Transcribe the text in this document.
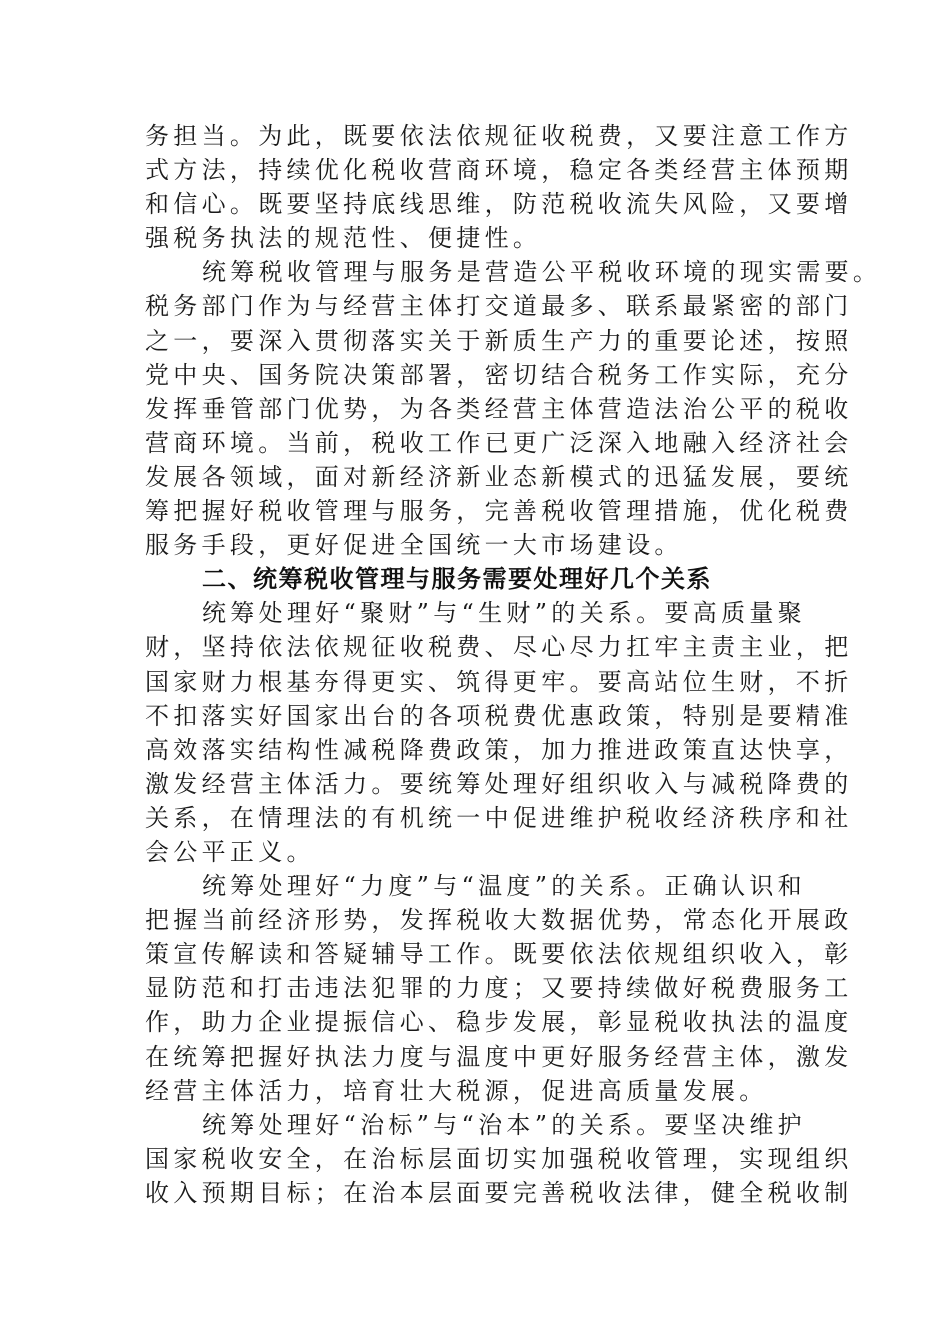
务担当。为此，既要依法依规征收税费，又要注意工作方
式方法，持续优化税收营商环境，稳定各类经营主体预期
和信心。既要坚持底线思维，防范税收流失风险，又要增
强税务执法的规范性、便捷性。
统筹税收管理与服务是营造公平税收环境的现实需要。
税务部门作为与经营主体打交道最多、联系最紧密的部门
之一，要深入贯彻落实关于新质生产力的重要论述，按照
党中央、国务院决策部署，密切结合税务工作实际，充分
发挥垂管部门优势，为各类经营主体营造法治公平的税收
营商环境。当前，税收工作已更广泛深入地融入经济社会
发展各领域，面对新经济新业态新模式的迅猛发展，要统
筹把握好税收管理与服务，完善税收管理措施，优化税费
服务手段，更好促进全国统一大市场建设。
二、统筹税收管理与服务需要处理好几个关系
统筹处理好“聚财”与“生财”的关系。要高质量聚
财，坚持依法依规征收税费、尽心尽力扛牢主责主业，把
国家财力根基夯得更实、筑得更牢。要高站位生财，不折
不扣落实好国家出台的各项税费优惠政策，特别是要精准
高效落实结构性减税降费政策，加力推进政策直达快享，
激发经营主体活力。要统筹处理好组织收入与减税降费的
关系，在情理法的有机统一中促进维护税收经济秩序和社
会公平正义。
统筹处理好“力度”与“温度”的关系。正确认识和
把握当前经济形势，发挥税收大数据优势，常态化开展政
策宣传解读和答疑辅导工作。既要依法依规组织收入，彰
显防范和打击违法犯罪的力度；又要持续做好税费服务工
作，助力企业提振信心、稳步发展，彰显税收执法的温度
在统筹把握好执法力度与温度中更好服务经营主体，激发
经营主体活力，培育壮大税源，促进高质量发展。
统筹处理好“治标”与“治本”的关系。要坚决维护
国家税收安全，在治标层面切实加强税收管理，实现组织
收入预期目标；在治本层面要完善税收法律，健全税收制
